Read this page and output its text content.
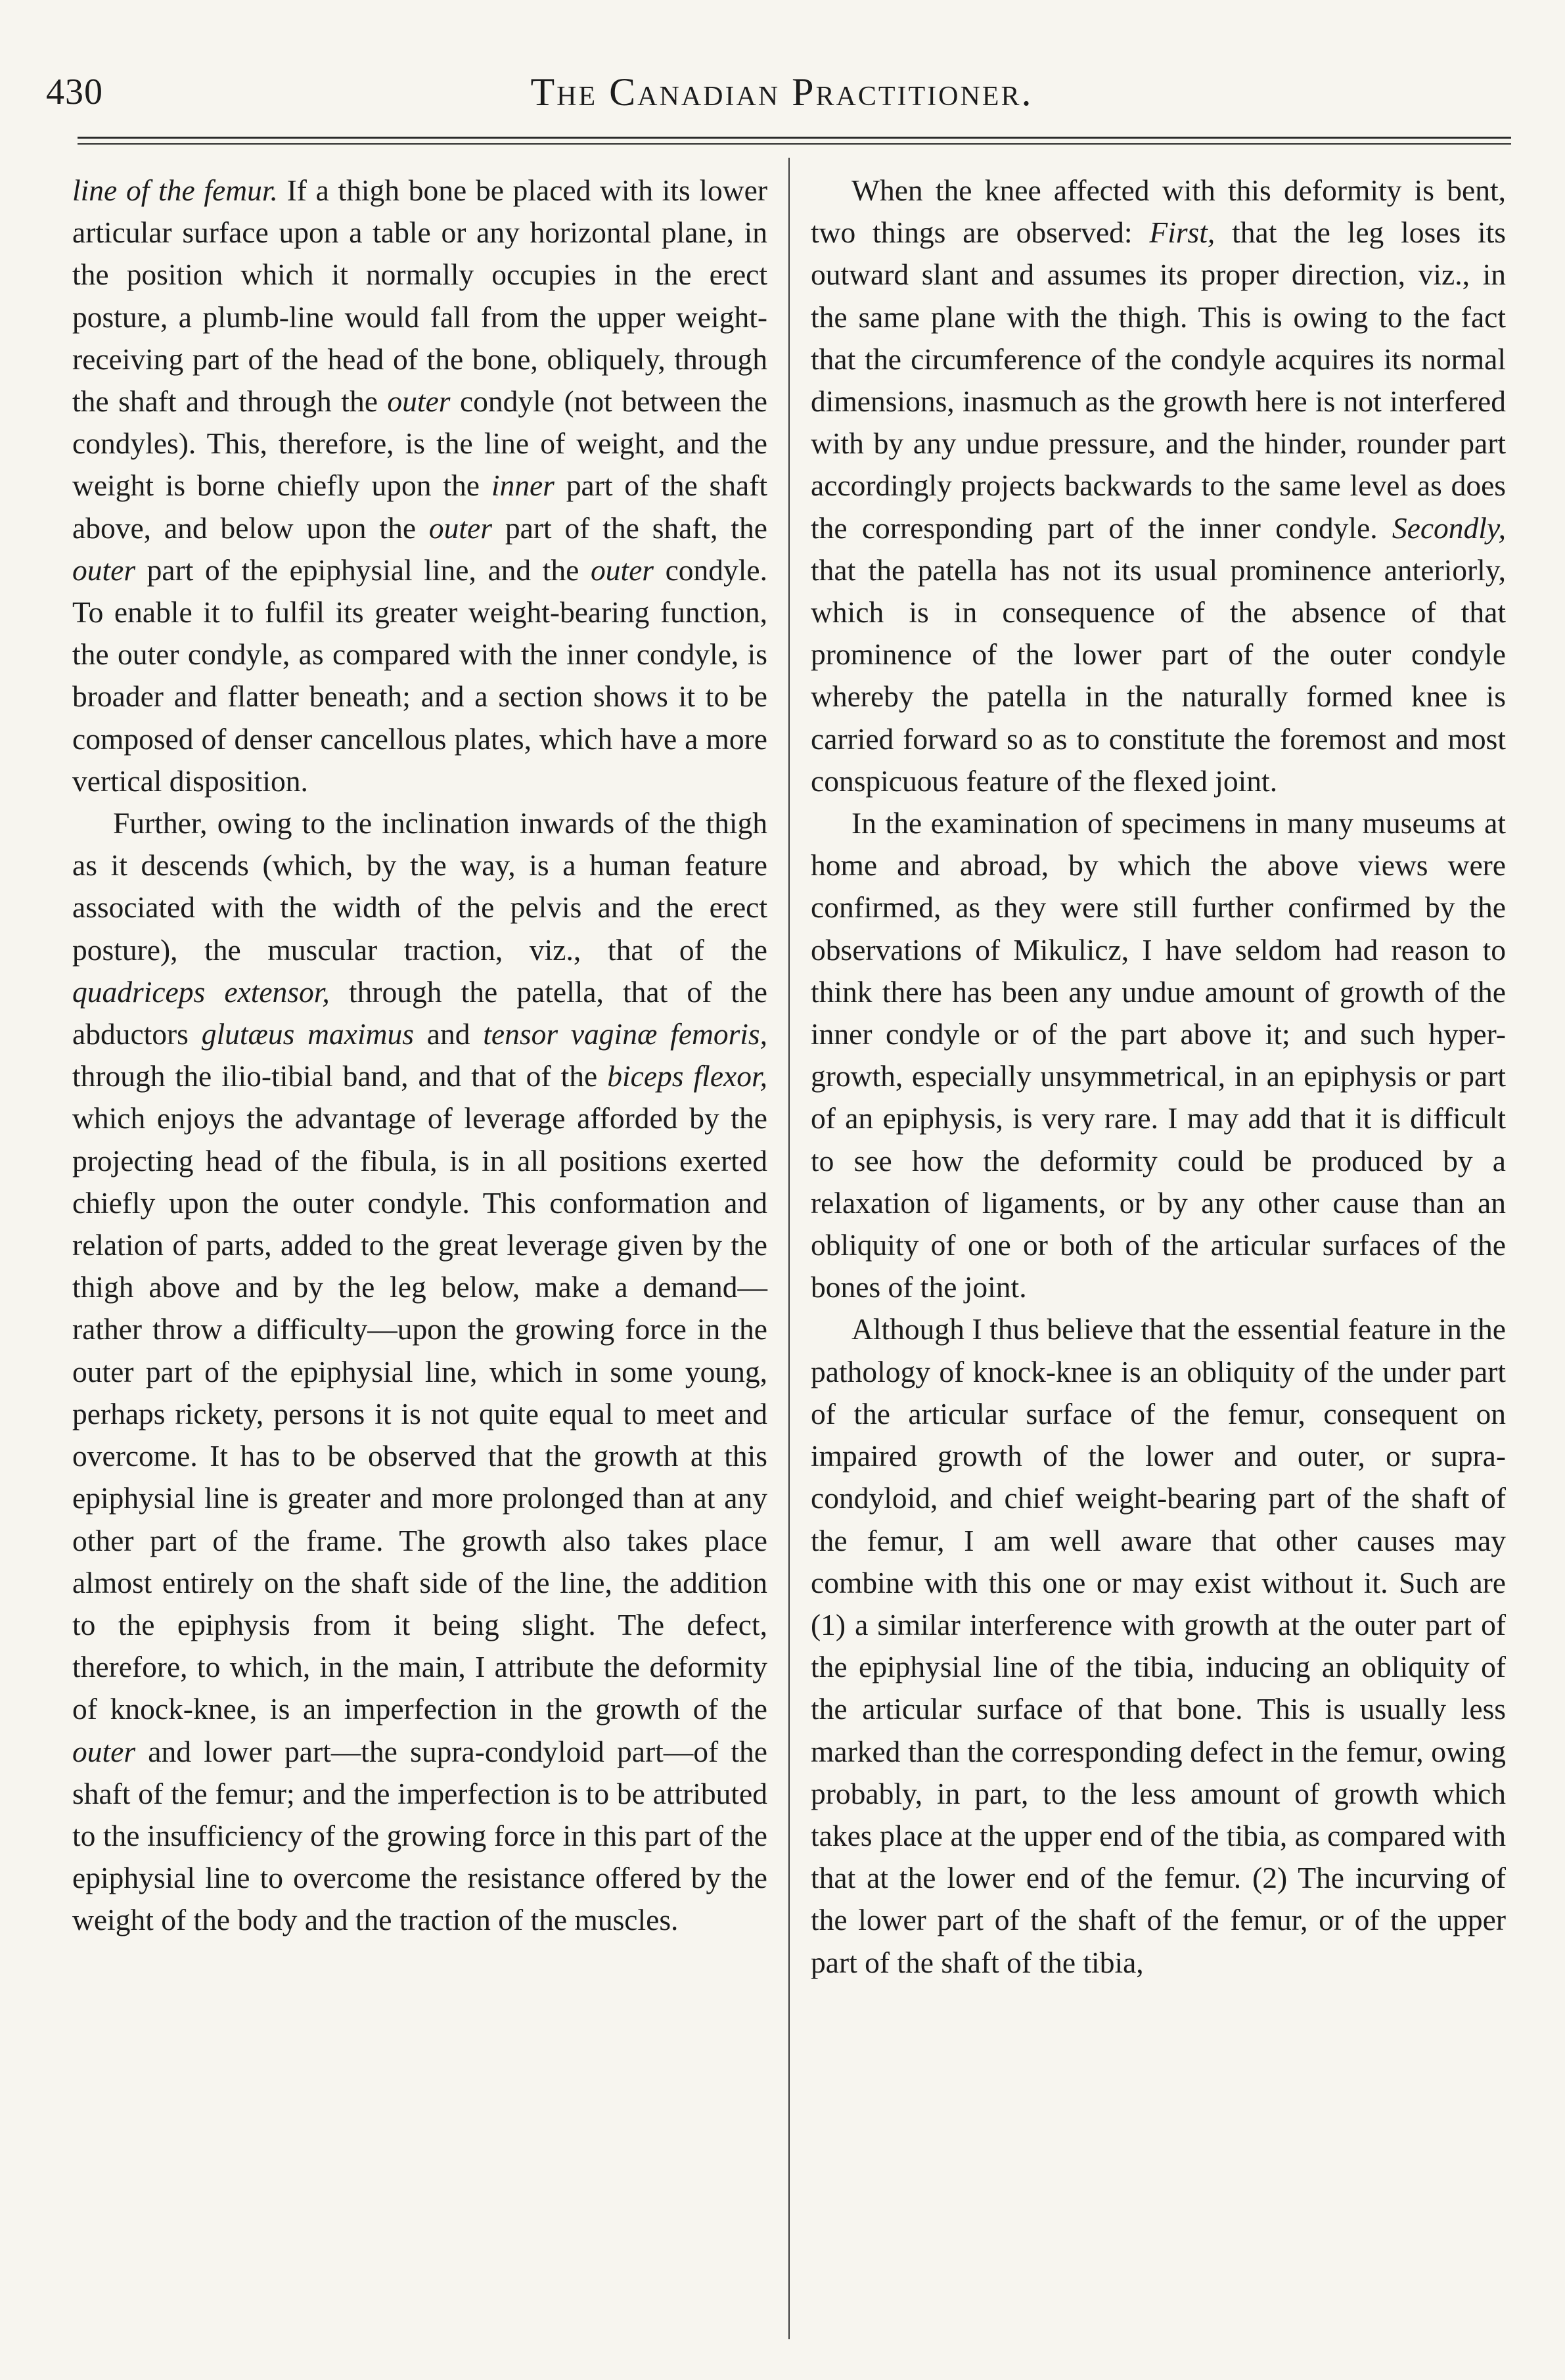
430	The Canadian Practitioner.

line of the femur. If a thigh bone be placed with its lower articular surface upon a table or any horizontal plane, in the position which it normally occupies in the erect posture, a plumb-line would fall from the upper weight-receiving part of the head of the bone, obliquely, through the shaft and through the outer condyle (not between the condyles). This, therefore, is the line of weight, and the weight is borne chiefly upon the inner part of the shaft above, and below upon the outer part of the shaft, the outer part of the epiphysial line, and the outer condyle. To enable it to fulfil its greater weight-bearing function, the outer condyle, as compared with the inner condyle, is broader and flatter beneath; and a section shows it to be composed of denser cancellous plates, which have a more vertical disposition.

Further, owing to the inclination inwards of the thigh as it descends (which, by the way, is a human feature associated with the width of the pelvis and the erect posture), the muscular traction, viz., that of the quadriceps extensor, through the patella, that of the abductors glutæus maximus and tensor vaginæ femoris, through the ilio-tibial band, and that of the biceps flexor, which enjoys the advantage of leverage afforded by the projecting head of the fibula, is in all positions exerted chiefly upon the outer condyle. This conformation and relation of parts, added to the great leverage given by the thigh above and by the leg below, make a demand—rather throw a difficulty—upon the growing force in the outer part of the epiphysial line, which in some young, perhaps rickety, persons it is not quite equal to meet and overcome. It has to be observed that the growth at this epiphysial line is greater and more prolonged than at any other part of the frame. The growth also takes place almost entirely on the shaft side of the line, the addition to the epiphysis from it being slight. The defect, therefore, to which, in the main, I attribute the deformity of knock-knee, is an imperfection in the growth of the outer and lower part—the supra-condyloid part—of the shaft of the femur; and the imperfection is to be attributed to the insufficiency of the growing force in this part of the epiphysial line to overcome the resistance offered by the weight of the body and the traction of the muscles.

When the knee affected with this deformity is bent, two things are observed: First, that the leg loses its outward slant and assumes its proper direction, viz., in the same plane with the thigh. This is owing to the fact that the circumference of the condyle acquires its normal dimensions, inasmuch as the growth here is not interfered with by any undue pressure, and the hinder, rounder part accordingly projects backwards to the same level as does the corresponding part of the inner condyle. Secondly, that the patella has not its usual prominence anteriorly, which is in consequence of the absence of that prominence of the lower part of the outer condyle whereby the patella in the naturally formed knee is carried forward so as to constitute the foremost and most conspicuous feature of the flexed joint.

In the examination of specimens in many museums at home and abroad, by which the above views were confirmed, as they were still further confirmed by the observations of Mikulicz, I have seldom had reason to think there has been any undue amount of growth of the inner condyle or of the part above it; and such hyper-growth, especially unsymmetrical, in an epiphysis or part of an epiphysis, is very rare. I may add that it is difficult to see how the deformity could be produced by a relaxation of ligaments, or by any other cause than an obliquity of one or both of the articular surfaces of the bones of the joint.

Although I thus believe that the essential feature in the pathology of knock-knee is an obliquity of the under part of the articular surface of the femur, consequent on impaired growth of the lower and outer, or supra-condyloid, and chief weight-bearing part of the shaft of the femur, I am well aware that other causes may combine with this one or may exist without it. Such are (1) a similar interference with growth at the outer part of the epiphysial line of the tibia, inducing an obliquity of the articular surface of that bone. This is usually less marked than the corresponding defect in the femur, owing probably, in part, to the less amount of growth which takes place at the upper end of the tibia, as compared with that at the lower end of the femur. (2) The incurving of the lower part of the shaft of the femur, or of the upper part of the shaft of the tibia,
